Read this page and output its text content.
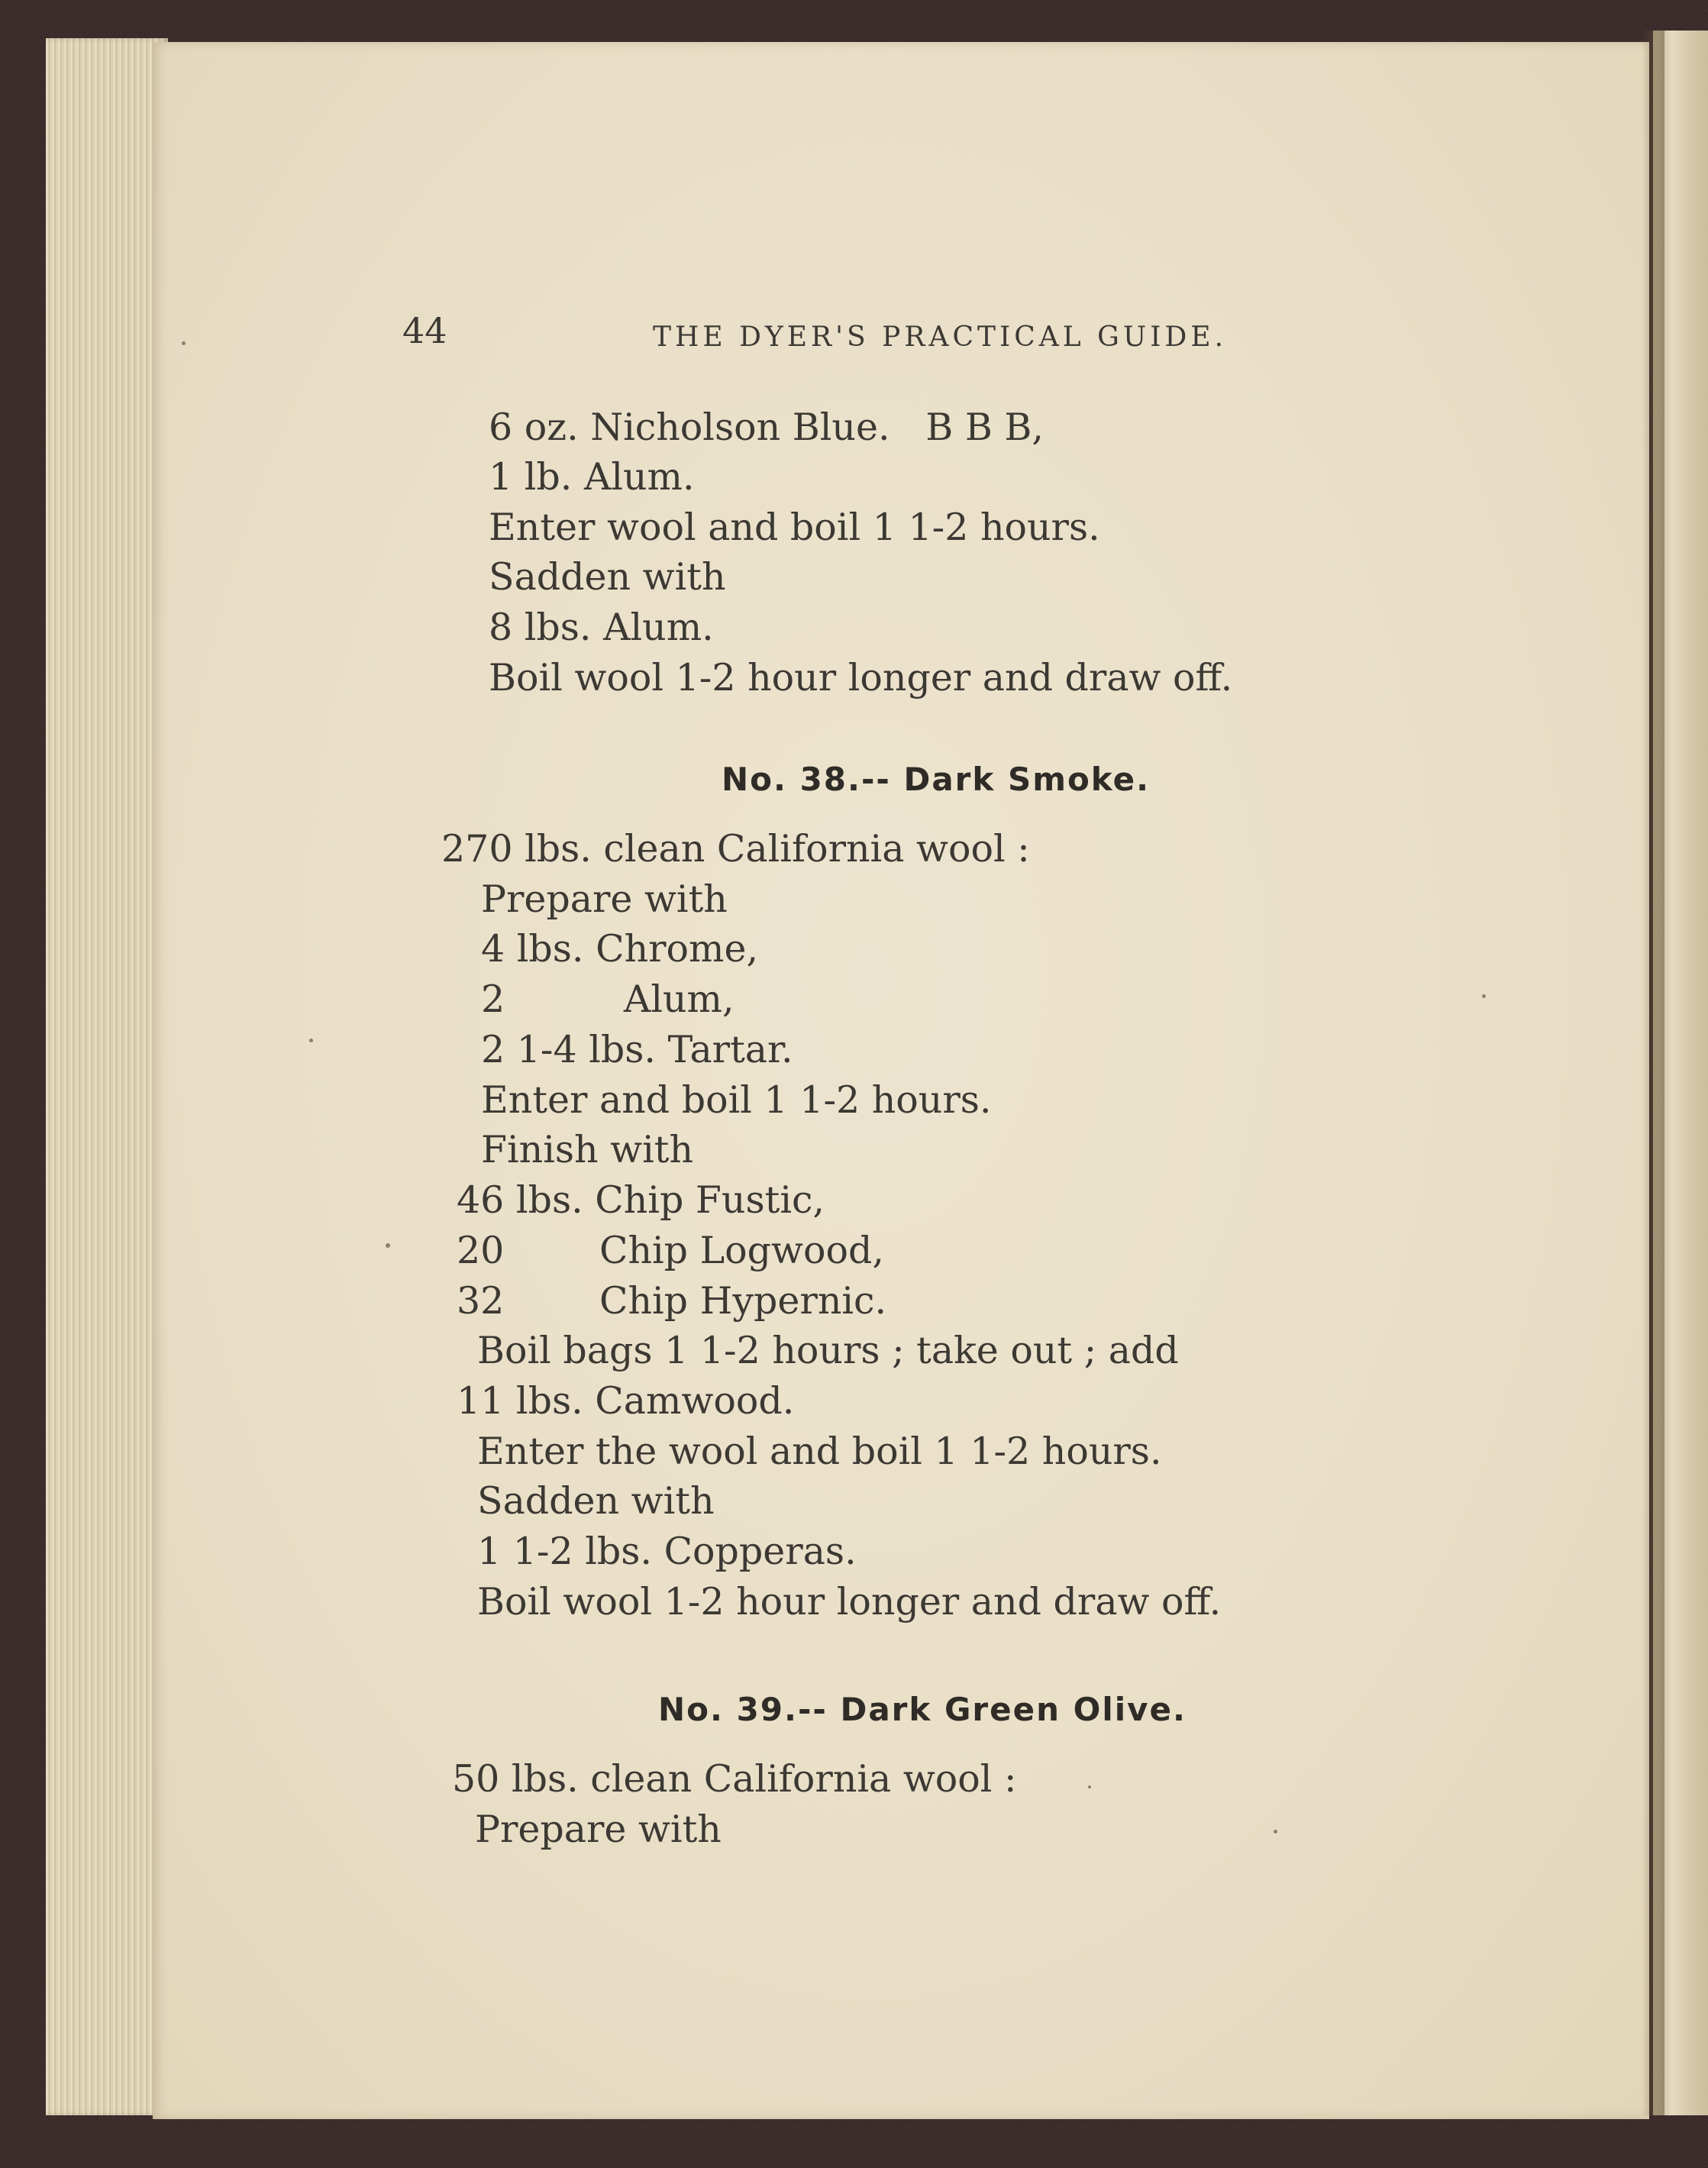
44	THE DYER'S PRACTICAL GUIDE.
6 oz. Nicholson Blue.   B B B,
1 lb. Alum.
Enter wool and boil 1 1-2 hours.
Sadden with
8 lbs. Alum.
Boil wool 1-2 hour longer and draw off.
No. 38.-- Dark Smoke.
270 lbs. clean California wool :
Prepare with
4 lbs. Chrome,
2          Alum,
2 1-4 lbs. Tartar.
Enter and boil 1 1-2 hours.
Finish with
46 lbs. Chip Fustic,
20        Chip Logwood,
32        Chip Hypernic.
Boil bags 1 1-2 hours ; take out ; add
11 lbs. Camwood.
Enter the wool and boil 1 1-2 hours.
Sadden with
1 1-2 lbs. Copperas.
Boil wool 1-2 hour longer and draw off.
No. 39.-- Dark Green Olive.
50 lbs. clean California wool :
Prepare with
